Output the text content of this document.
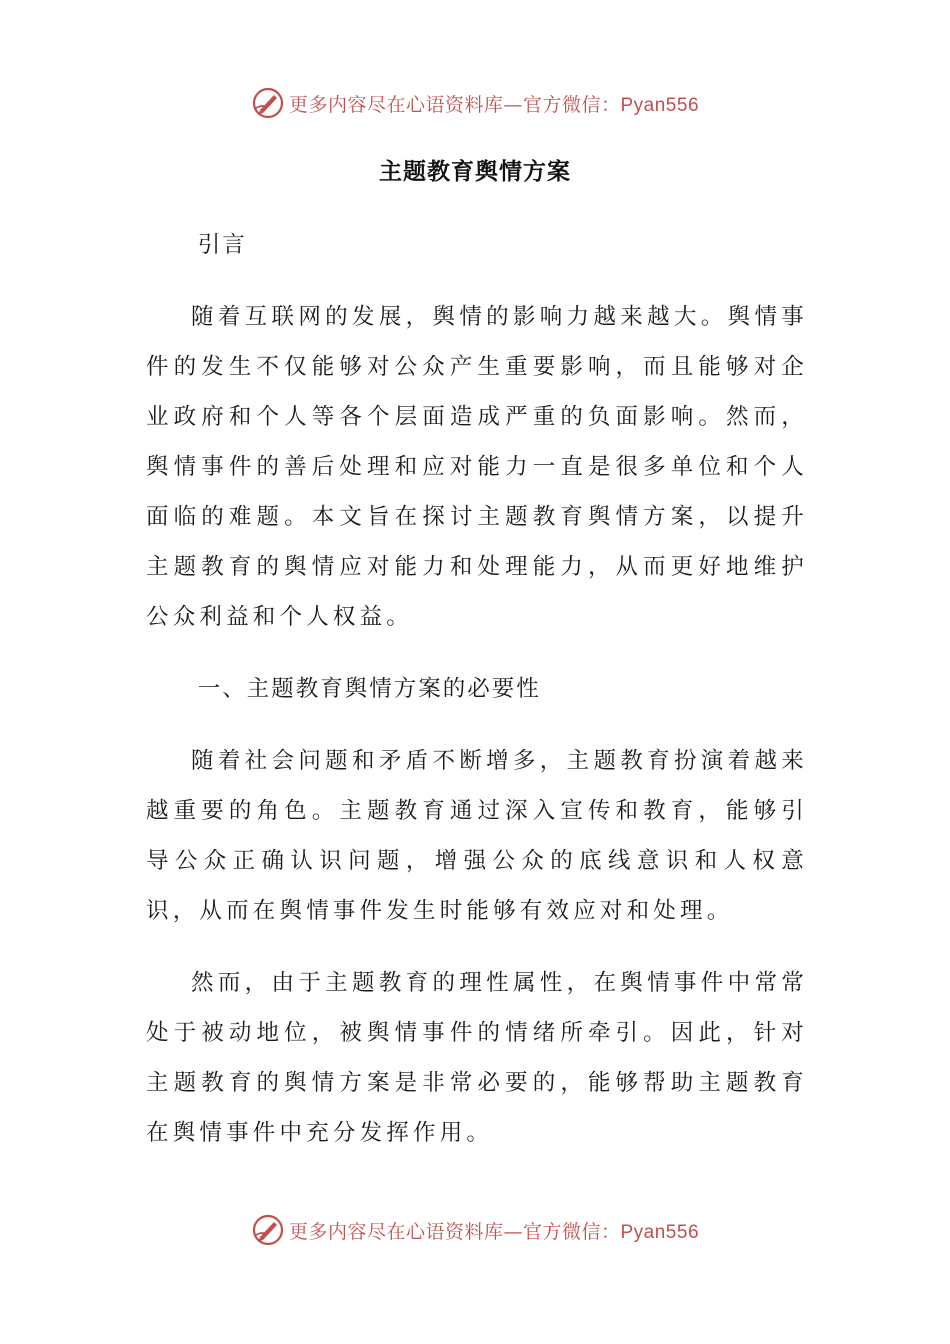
更多内容尽在心语资料库—官方微信：Pyan556
主题教育舆情方案

引言

随着互联网的发展，舆情的影响力越来越大。舆情事件的发生不仅能够对公众产生重要影响，而且能够对企业政府和个人等各个层面造成严重的负面影响。然而，舆情事件的善后处理和应对能力一直是很多单位和个人面临的难题。本文旨在探讨主题教育舆情方案，以提升主题教育的舆情应对能力和处理能力，从而更好地维护公众利益和个人权益。

一、主题教育舆情方案的必要性

随着社会问题和矛盾不断增多，主题教育扮演着越来越重要的角色。主题教育通过深入宣传和教育，能够引导公众正确认识问题，增强公众的底线意识和人权意识，从而在舆情事件发生时能够有效应对和处理。

然而，由于主题教育的理性属性，在舆情事件中常常处于被动地位，被舆情事件的情绪所牵引。因此，针对主题教育的舆情方案是非常必要的，能够帮助主题教育在舆情事件中充分发挥作用。

更多内容尽在心语资料库—官方微信：Pyan556
